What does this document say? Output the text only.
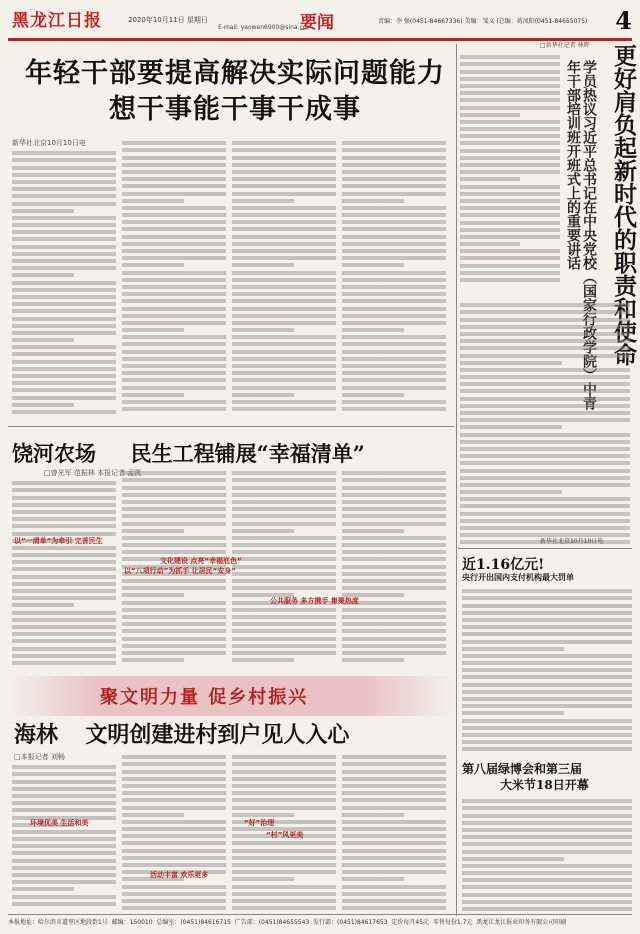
黑龙江日报	2020年10月11日 星期日	要闻	责编：李 强(0451-84667336) 美编：邹义 (总编：蒋凤阳(0451-84655075) 4
E-mail: yaowen6900@sina.cn
年轻干部要提高解决实际问题能力
想干事能干事干成事
新华社北京10月10日电
□新华社记者 林晖 更好肩负起新时代的职责和使命
学员热议习近平总书记在中央党校（国家行政学院）中青年干部培训班开班式上的重要讲话
新华社北京10月10日电
饶河农场 民生工程铺展“幸福清单”
□曾光军 范振林 本报记者 孟凯
以“一清单”为牵引 完善民生
以“八项行动”为抓手 让居民“安身”
文化建设 点亮“幸福底色”
公共服务 多方携手 集聚热度
聚文明力量 促乡村振兴
海林 文明创建进村到户见人入心
□本报记者 刘畅
环境优美 生活和美
活动丰富 欢乐更多
“好”治理
“村”风更美
近1.16亿元!
央行开出国内支付机构最大罚单
第八届绿博会和第三届
大米节18日开幕
本报地址：哈尔滨市道里区地段街1号 邮编：150010 总编室：(0451)84616715 广告部：(0451)84655543 发行部：(0451)84617653 定价每月45元 零售每份1.7元 黑龙江龙江报业印务有限公司印刷
